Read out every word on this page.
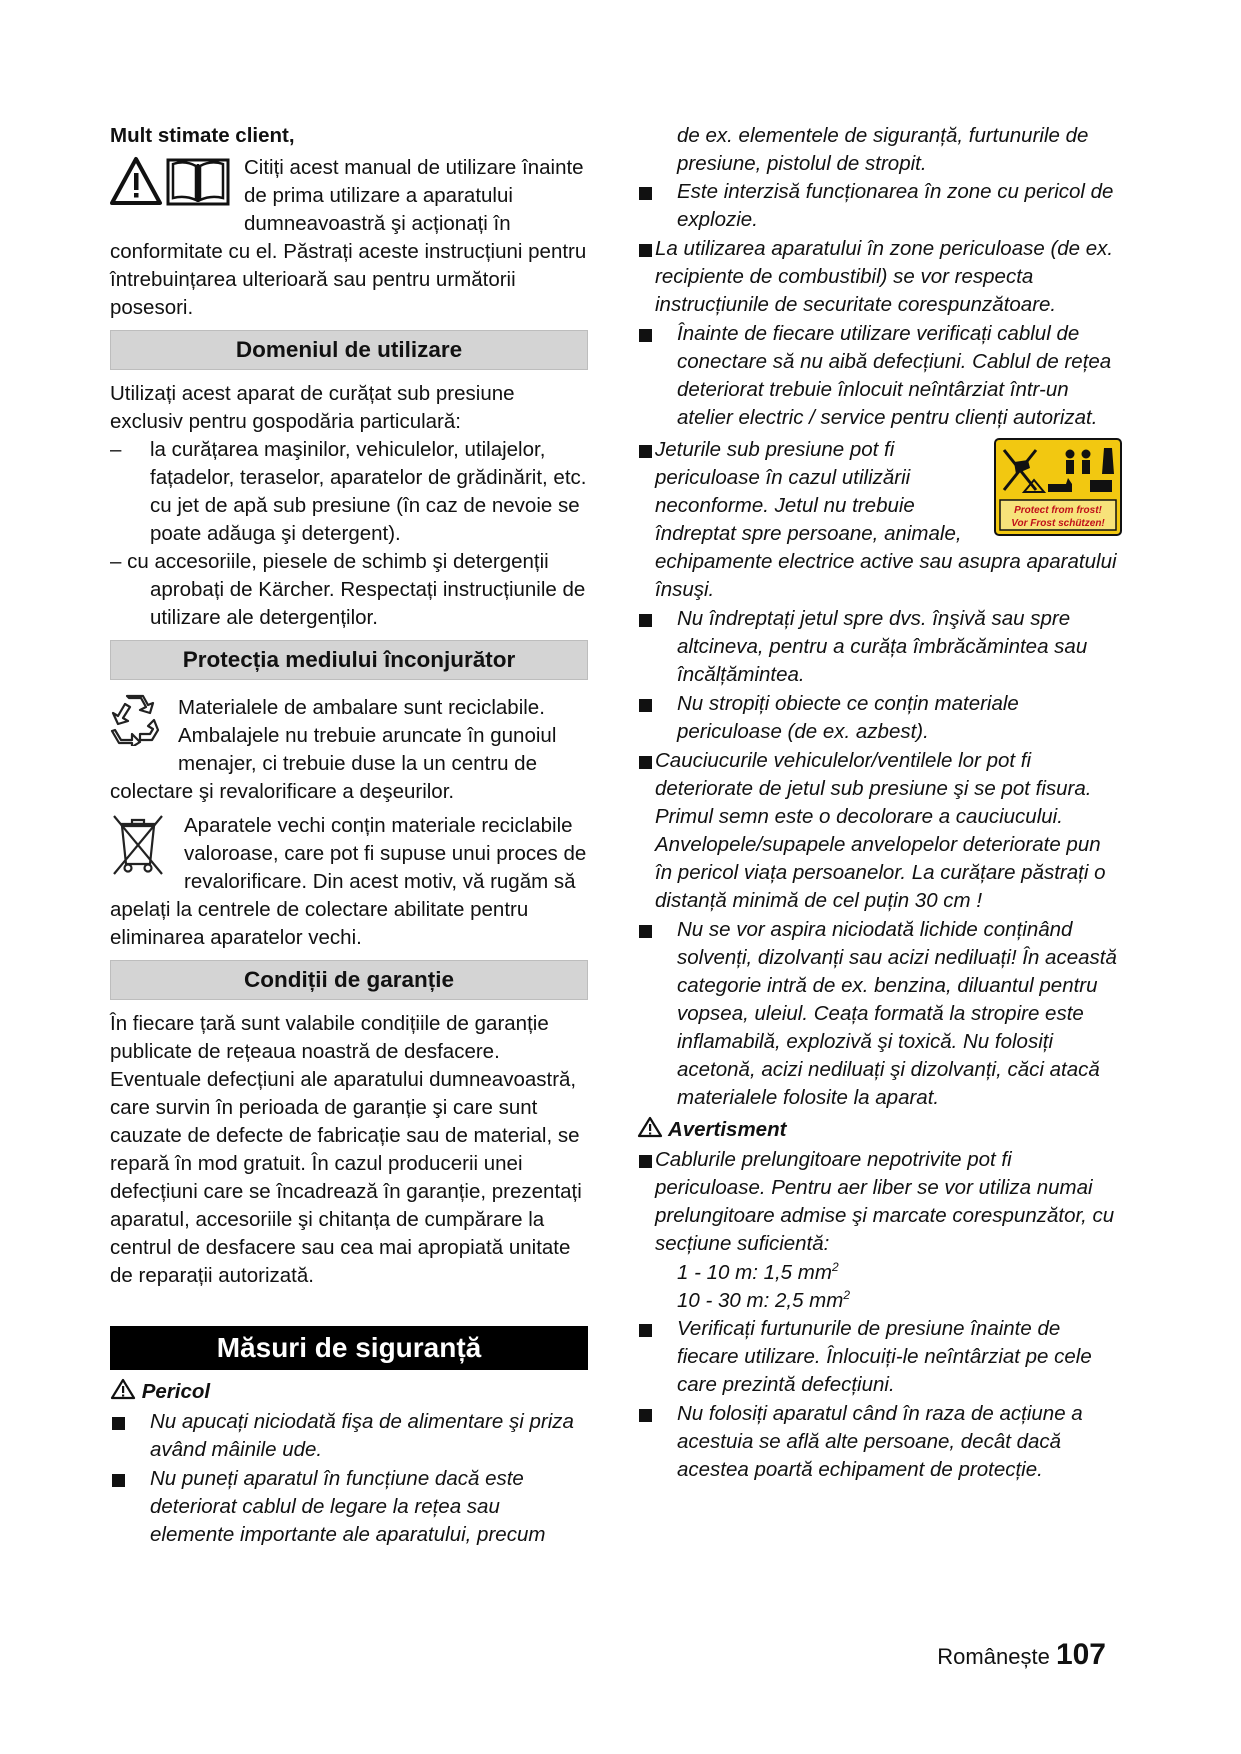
Mult stimate client,

Citiți acest manual de utilizare înainte de prima utilizare a aparatului dumneavoastră şi acționați în conformitate cu el. Păstrați aceste instrucțiuni pentru întrebuințarea ulterioară sau pentru următorii posesori.

Domeniul de utilizare

Utilizați acest aparat de curățat sub presiune exclusiv pentru gospodăria particulară:

– la curățarea maşinilor, vehiculelor, utilajelor, fațadelor, teraselor, aparatelor de grădinărit, etc. cu jet de apă sub presiune (în caz de nevoie se poate adăuga şi detergent).

– cu accesoriile, piesele de schimb şi detergenții aprobați de Kärcher. Respectați instrucțiunile de utilizare ale detergenților.

Protecția mediului înconjurător

Materialele de ambalare sunt reciclabile. Ambalajele nu trebuie aruncate în gunoiul menajer, ci trebuie duse la un centru de colectare şi revalorificare a deşeurilor.

Aparatele vechi conțin materiale reciclabile valoroase, care pot fi supuse unui proces de revalorificare. Din acest motiv, vă rugăm să apelați la centrele de colectare abilitate pentru eliminarea aparatelor vechi.

Condiții de garanție

În fiecare țară sunt valabile condițiile de garanție publicate de rețeaua noastră de desfacere. Eventuale defecțiuni ale aparatului dumneavoastră, care survin în perioada de garanție şi care sunt cauzate de defecte de fabricație sau de material, se repară în mod gratuit. În cazul producerii unei defecțiuni care se încadrează în garanție, prezentați aparatul, accesoriile şi chitanța de cumpărare la centrul de desfacere sau cea mai apropiată unitate de reparații autorizată.

Măsuri de siguranță
Pericol
Nu apucați niciodată fişa de alimentare şi priza având mâinile ude.
Nu puneți aparatul în funcțiune dacă este deteriorat cablul de legare la rețea sau elemente importante ale aparatului, precum

de ex. elementele de siguranță, furtunurile de presiune, pistolul de stropit.

Este interzisă funcționarea în zone cu pericol de explozie.
La utilizarea aparatului în zone periculoase (de ex. recipiente de combustibil) se vor respecta instrucțiunile de securitate corespunzătoare.
Înainte de fiecare utilizare verificați cablul de conectare să nu aibă defecțiuni. Cablul de rețea deteriorat trebuie înlocuit neîntârziat într-un atelier electric / service pentru clienți autorizat.
Protect from frost!
Vor Frost schützen!
Jeturile sub presiune pot fi periculoase în cazul utilizării neconforme. Jetul nu trebuie îndreptat spre persoane, animale, echipamente electrice active sau asupra aparatului însuşi.
Nu îndreptați jetul spre dvs. înşivă sau spre altcineva, pentru a curăța îmbrăcămintea sau încălțămintea.
Nu stropiți obiecte ce conțin materiale periculoase (de ex. azbest).
Cauciucurile vehiculelor/ventilele lor pot fi deteriorate de jetul sub presiune şi se pot fisura. Primul semn este o decolorare a cauciucului. Anvelopele/supapele anvelopelor deteriorate pun în pericol viața persoanelor. La curățare păstrați o distanță minimă de cel puțin 30 cm !
Nu se vor aspira niciodată lichide conținând solvenți, dizolvanți sau acizi nediluați! În această categorie intră de ex. benzina, diluantul pentru vopsea, uleiul. Ceața formată la stropire este inflamabilă, explozivă şi toxică. Nu folosiți acetonă, acizi nediluați şi dizolvanți, căci atacă materialele folosite la aparat.
Avertisment
Cablurile prelungitoare nepotrivite pot fi periculoase. Pentru aer liber se vor utiliza numai prelungitoare admise şi marcate corespunzător, cu secțiune suficientă:

1 - 10 m: 1,5 $mm^2$

10 - 30 m: 2,5 $mm^2$

Verificați furtunurile de presiune înainte de fiecare utilizare. Înlocuiți-le neîntârziat pe cele care prezintă defecțiuni.
Nu folosiți aparatul când în raza de acțiune a acestuia se află alte persoane, decât dacă acestea poartă echipament de protecție.
Românește 107
